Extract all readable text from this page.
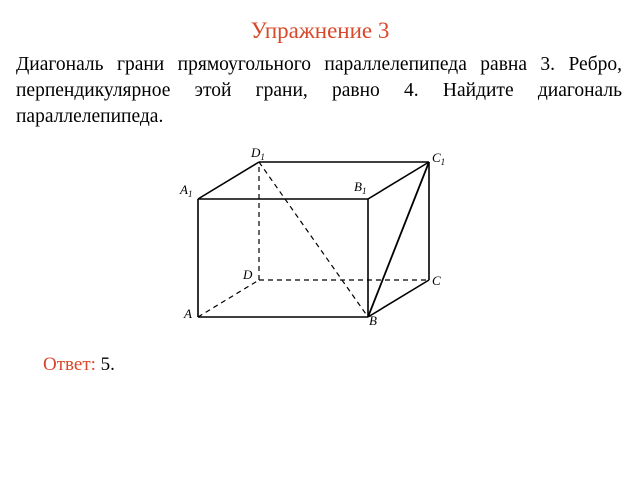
Упражнение 3

Диагональ грани прямоугольного параллелепипеда равна 3. Ребро, перпендикулярное этой грани, равно 4. Найдите диагональ параллелепипеда.

$D_1$	$C_1$
$A_1$	$B_1$
D	C
A	B
Ответ: 5.
